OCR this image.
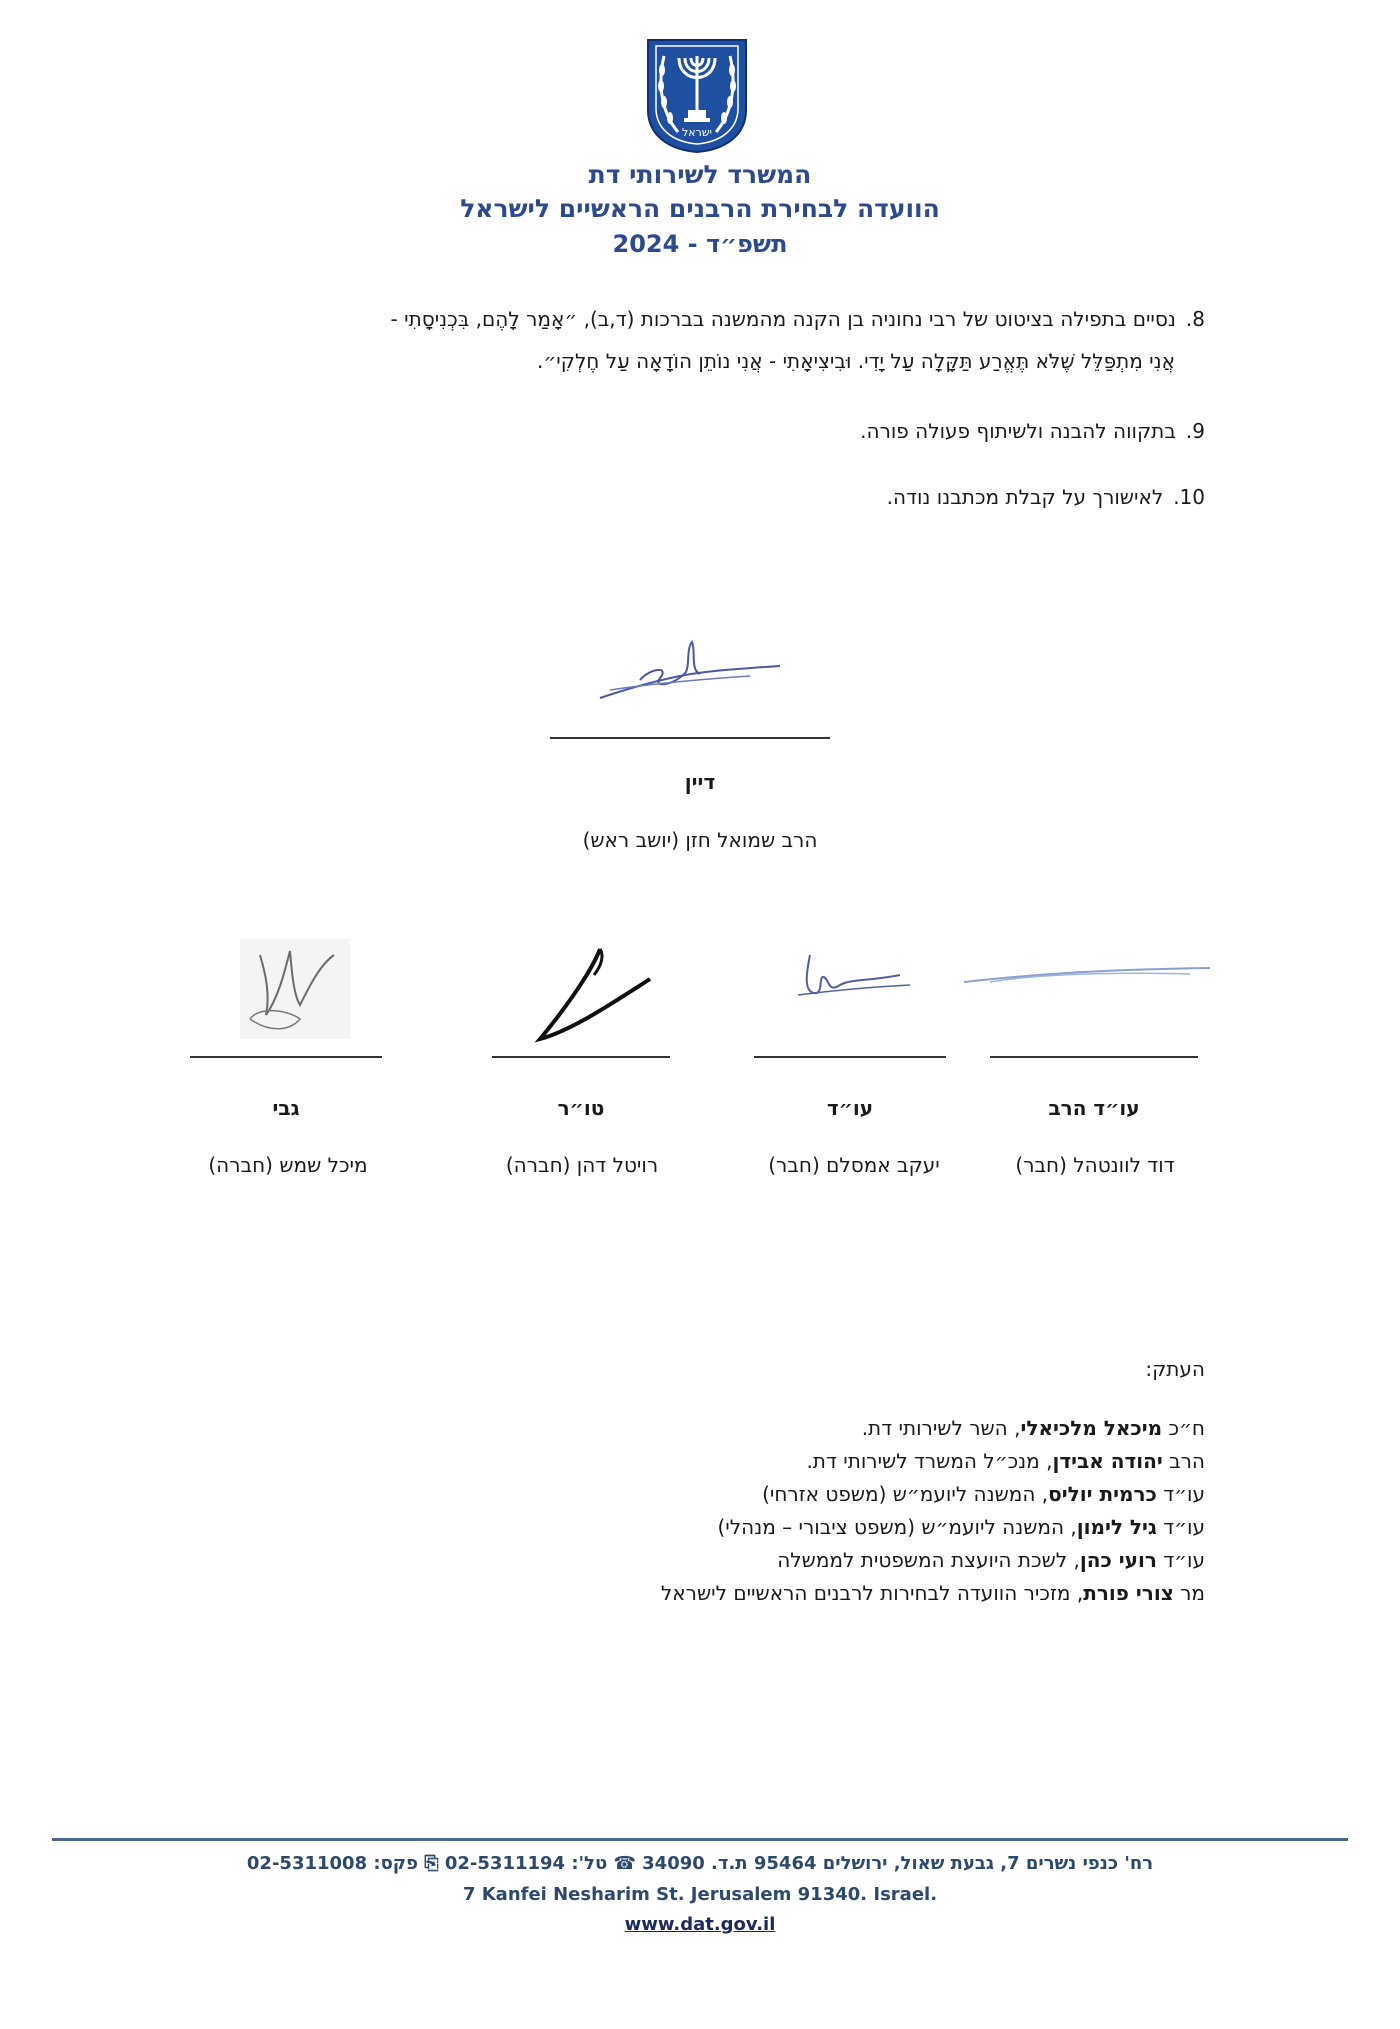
ישראל
המשרד לשירותי דת
הוועדה לבחירת הרבנים הראשיים לישראל
תשפ״ד - 2024
8.נסיים בתפילה בציטוט של רבי נחוניה בן הקנה מהמשנה בברכות (ד,ב), ״אָמַר לָהֶם, בִּכְנִיסָתִי -
אֲנִי מִתְפַּלֵּל שֶׁלֹּא תֶּאֱרַע תַּקָּלָה עַל יָדִי. וּבִיצִיאָתִי - אֲנִי נוֹתֵן הוֹדָאָה עַל חֶלְקִי״.
9.בתקווה להבנה ולשיתוף פעולה פורה.
10.לאישורך על קבלת מכתבנו נודה.
דיין
הרב שמואל חזן (יושב ראש)
עו״ד הרב
עו״ד
טו״ר
גבי
דוד לוונטהל (חבר)
יעקב אמסלם (חבר)
רויטל דהן (חברה)
מיכל שמש (חברה)
העתק:
ח״כ מיכאל מלכיאלי, השר לשירותי דת.
הרב יהודה אבידן, מנכ״ל המשרד לשירותי דת.
עו״ד כרמית יוליס, המשנה ליועמ״ש (משפט אזרחי)
עו״ד גיל לימון, המשנה ליועמ״ש (משפט ציבורי – מנהלי)
עו״ד רועי כהן, לשכת היועצת המשפטית לממשלה
מר צורי פורת, מזכיר הוועדה לבחירות לרבנים הראשיים לישראל
רח' כנפי נשרים 7, גבעת שאול, ירושלים 95464 ת.ד. 34090 ☎ טל': 02-5311194 ⎘ פקס: 02-5311008
7 Kanfei Nesharim St. Jerusalem 91340. Israel.
www.dat.gov.il
